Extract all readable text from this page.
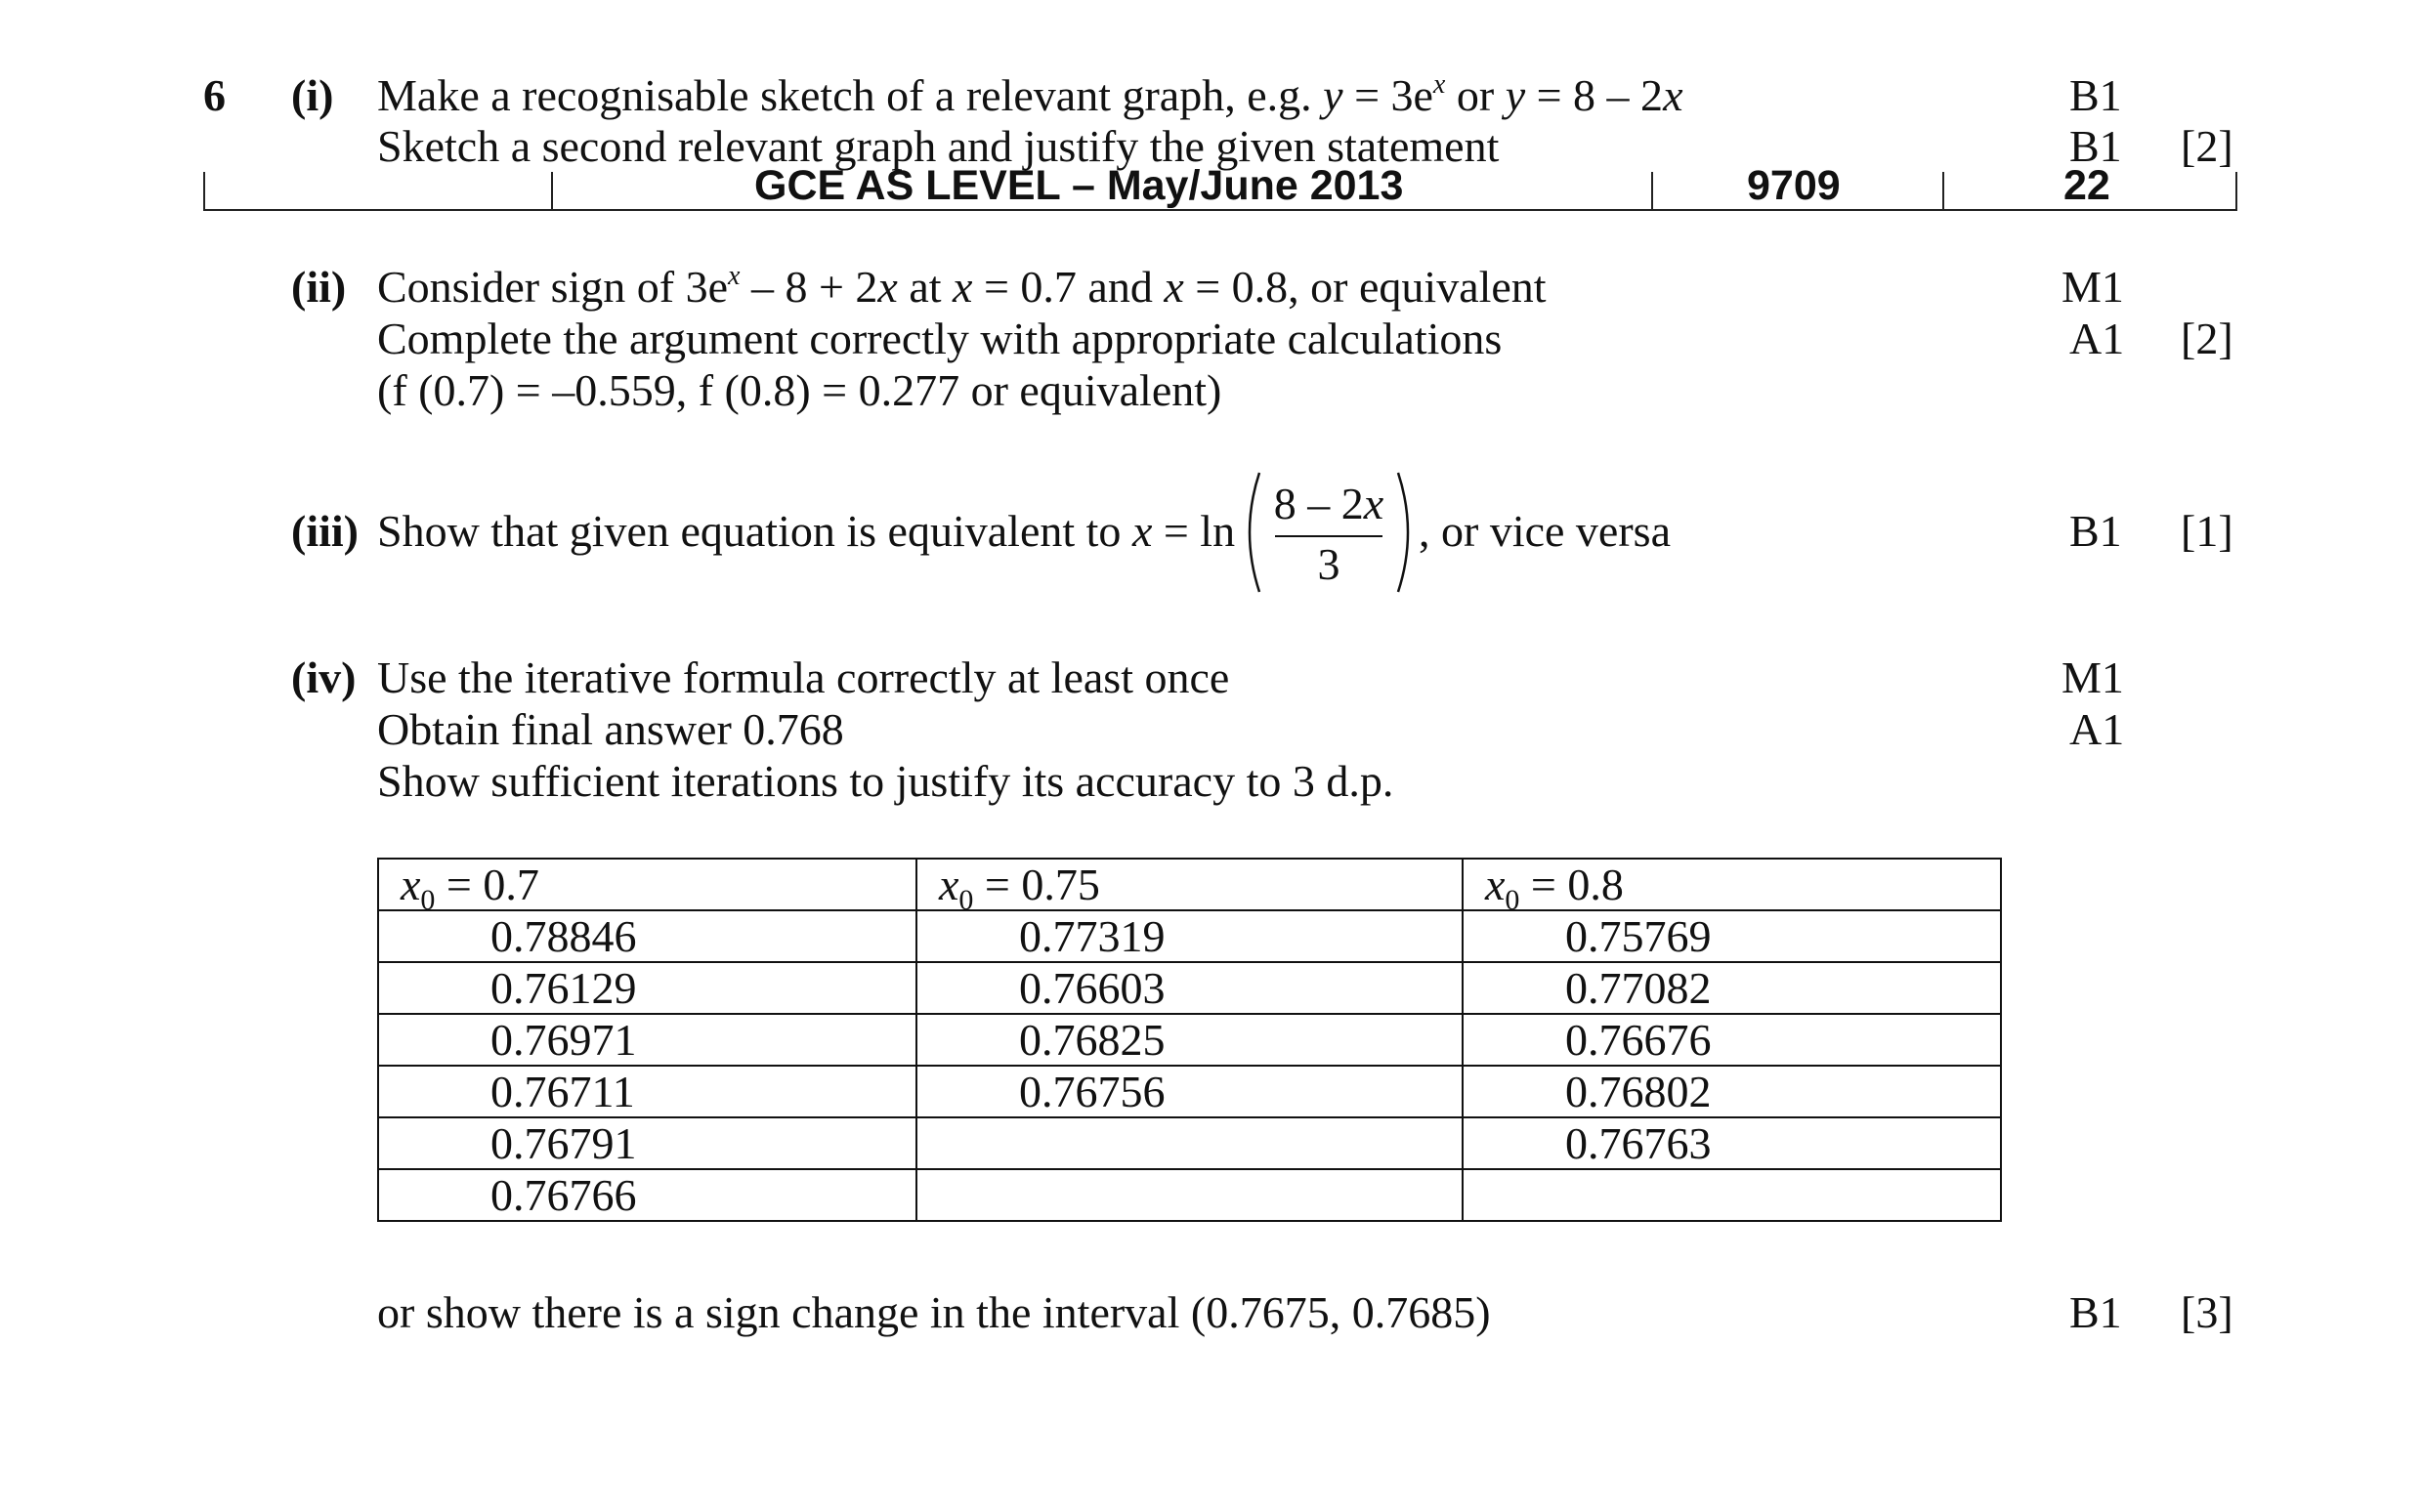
6 (i) Make a recognisable sketch of a relevant graph, e.g. $y = 3e^x$ or y = 8 – 2x
Sketch a second relevant graph and justify the given statement
B1
B1 [2]
GCE AS LEVEL – May/June 2013	9709	22
(ii) Consider sign of $3e^x - 8 + 2x$ at x = 0.7 and x = 0.8, or equivalent
Complete the argument correctly with appropriate calculations
(f (0.7) = –0.559, f (0.8) = 0.277 or equivalent)
M1
A1 [2]
(iii) Show that given equation is equivalent to x = ln
8 – 2x
3
, or vice versa	B1 [1]
(iv) Use the iterative formula correctly at least once
Obtain final answer 0.768
Show sufficient iterations to justify its accuracy to 3 d.p.
M1
A1
$x_0 = 0.7$	$x_0 = 0.75$	$x_0 = 0.8$
0.78846	0.77319	0.75769
0.76129	0.76603	0.77082
0.76971	0.76825	0.76676
0.76711	0.76756	0.76802
0.76791		0.76763
0.76766		
or show there is a sign change in the interval (0.7675, 0.7685)	B1 [3]
